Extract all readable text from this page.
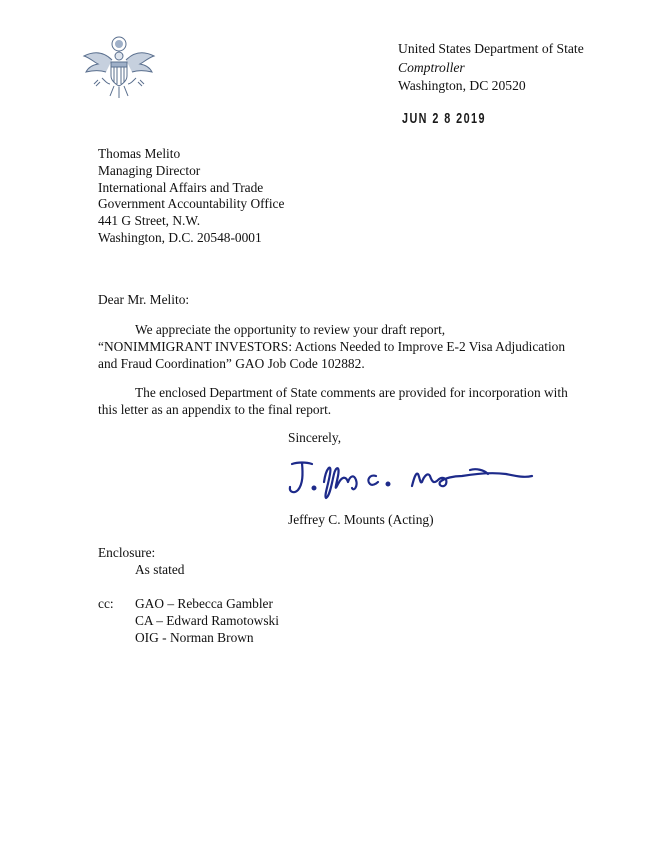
United States Department of State
Comptroller
Washington, DC 20520
JUN 2 8 2019
Thomas Melito
Managing Director
International Affairs and Trade
Government Accountability Office
441 G Street, N.W.
Washington, D.C. 20548-0001
Dear Mr. Melito:
We appreciate the opportunity to review your draft report,
“NONIMMIGRANT INVESTORS: Actions Needed to Improve E-2 Visa Adjudication
and Fraud Coordination” GAO Job Code 102882.
The enclosed Department of State comments are provided for incorporation with
this letter as an appendix to the final report.
Sincerely,
Jeffrey C. Mounts (Acting)
Enclosure:
As stated
cc: GAO – Rebecca Gambler
CA – Edward Ramotowski
OIG - Norman Brown
